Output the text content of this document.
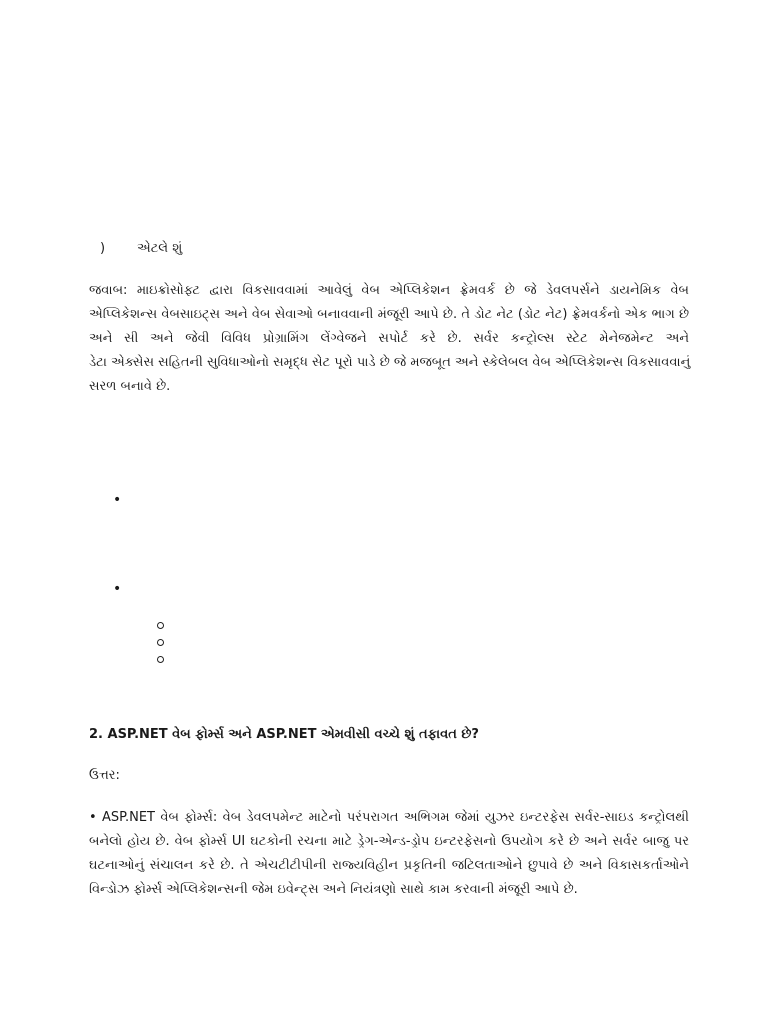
) એટલે શું
જવાબ: માઇક્રોસોફ્ટ દ્વારા વિકસાવવામાં આવેલું વેબ એપ્લિકેશન ફ્રેમવર્ક છે જે ડેવલપર્સને ડાયનેમિક વેબ
એપ્લિકેશન્સ વેબસાઇટ્સ અને વેબ સેવાઓ બનાવવાની મંજૂરી આપે છે. તે ડોટ નેટ (ડોટ નેટ) ફ્રેમવર્કનો એક ભાગ છે
અને સી અને જેવી વિવિધ પ્રોગ્રામિંગ લેંગ્વેજને સપોર્ટ કરે છે. સર્વર કન્ટ્રોલ્સ સ્ટેટ મેનેજમેન્ટ અને
ડેટા એક્સેસ સહિતની સુવિધાઓનો સમૃદ્ધ સેટ પૂરો પાડે છે જે મજબૂત અને સ્કેલેબલ વેબ એપ્લિકેશન્સ વિકસાવવાનું
સરળ બનાવે છે.
•
•
2. ASP.NET વેબ ફોર્મ્સ અને ASP.NET એમવીસી વચ્ચે શું તફાવત છે?
ઉત્તર:
• ASP.NET વેબ ફોર્મ્સ: વેબ ડેવલપમેન્ટ માટેનો પરંપરાગત અભિગમ જેમાં યુઝર ઇન્ટરફેસ સર્વર-સાઇડ કન્ટ્રોલથી
બનેલો હોય છે. વેબ ફોર્મ્સ UI ઘટકોની રચના માટે ડ્રેગ-એન્ડ-ડ્રોપ ઇન્ટરફેસનો ઉપયોગ કરે છે અને સર્વર બાજુ પર
ઘટનાઓનું સંચાલન કરે છે. તે એચટીટીપીની રાજ્યવિહીન પ્રકૃતિની જટિલતાઓને છુપાવે છે અને વિકાસકર્તાઓને
વિન્ડોઝ ફોર્મ્સ એપ્લિકેશન્સની જેમ ઇવેન્ટ્સ અને નિયંત્રણો સાથે કામ કરવાની મંજૂરી આપે છે.
